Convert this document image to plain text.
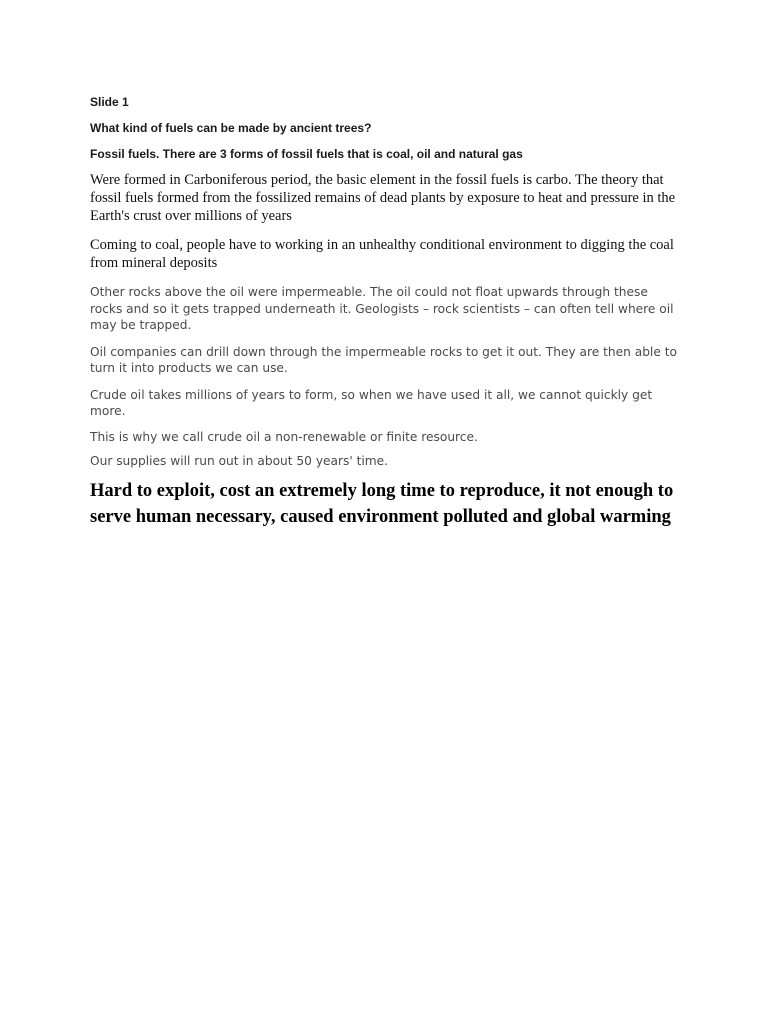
Slide 1

What kind of fuels can be made by ancient trees?

Fossil fuels. There are 3 forms of fossil fuels that is coal, oil and natural gas

Were formed in Carboniferous period, the basic element in the fossil fuels is carbo. The theory that fossil fuels formed from the fossilized remains of dead plants by exposure to heat and pressure in the Earth's crust over millions of years

Coming to coal, people have to working in an unhealthy conditional environment to digging the coal from mineral deposits

Other rocks above the oil were impermeable. The oil could not float upwards through these rocks and so it gets trapped underneath it. Geologists – rock scientists – can often tell where oil may be trapped.

Oil companies can drill down through the impermeable rocks to get it out. They are then able to turn it into products we can use.

Crude oil takes millions of years to form, so when we have used it all, we cannot quickly get more.

This is why we call crude oil a non-renewable or finite resource.

Our supplies will run out in about 50 years' time.

Hard to exploit, cost an extremely long time to reproduce, it not enough to serve human necessary, caused environment polluted and global warming
